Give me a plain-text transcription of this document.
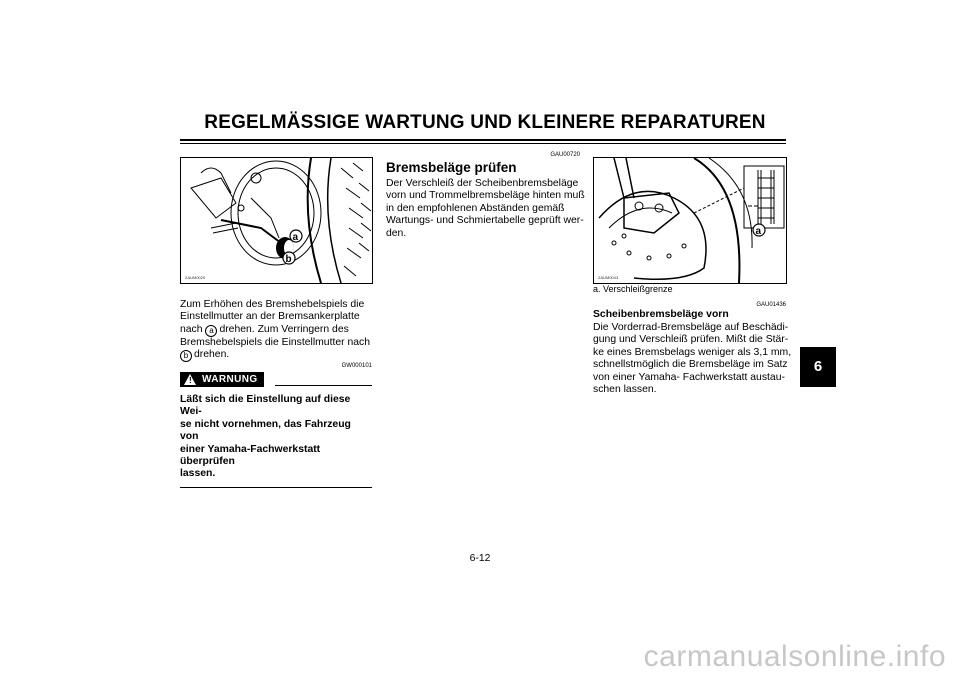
REGELMÄSSIGE WARTUNG UND KLEINERE REPARATUREN
6
a
b
ZAUM0020
Zum Erhöhen des Bremshebelspiels die
Einstellmutter an der Bremsankerplatte
nach a drehen. Zum Verringern des
Bremshebelspiels die Einstellmutter nach
b drehen.
GW000101
! WARNUNG
Läßt sich die Einstellung auf diese Wei-
se nicht vornehmen, das Fahrzeug von
einer Yamaha-Fachwerkstatt überprüfen
lassen.
GAU00720
Bremsbeläge prüfen
Der Verschleiß der Scheibenbremsbeläge
vorn und Trommelbremsbeläge hinten muß
in den empfohlenen Abständen gemäß
Wartungs- und Schmiertabelle geprüft wer-
den.	a
ZAUM0043
a. Verschleißgrenze
GAU01436
Scheibenbremsbeläge vorn
Die Vorderrad-Bremsbeläge auf Beschädi-
gung und Verschleiß prüfen. Mißt die Stär-
ke eines Bremsbelags weniger als 3,1 mm,
schnellstmöglich die Bremsbeläge im Satz
von einer Yamaha- Fachwerkstatt austau-
schen lassen.
6-12
carmanualsonline.info
